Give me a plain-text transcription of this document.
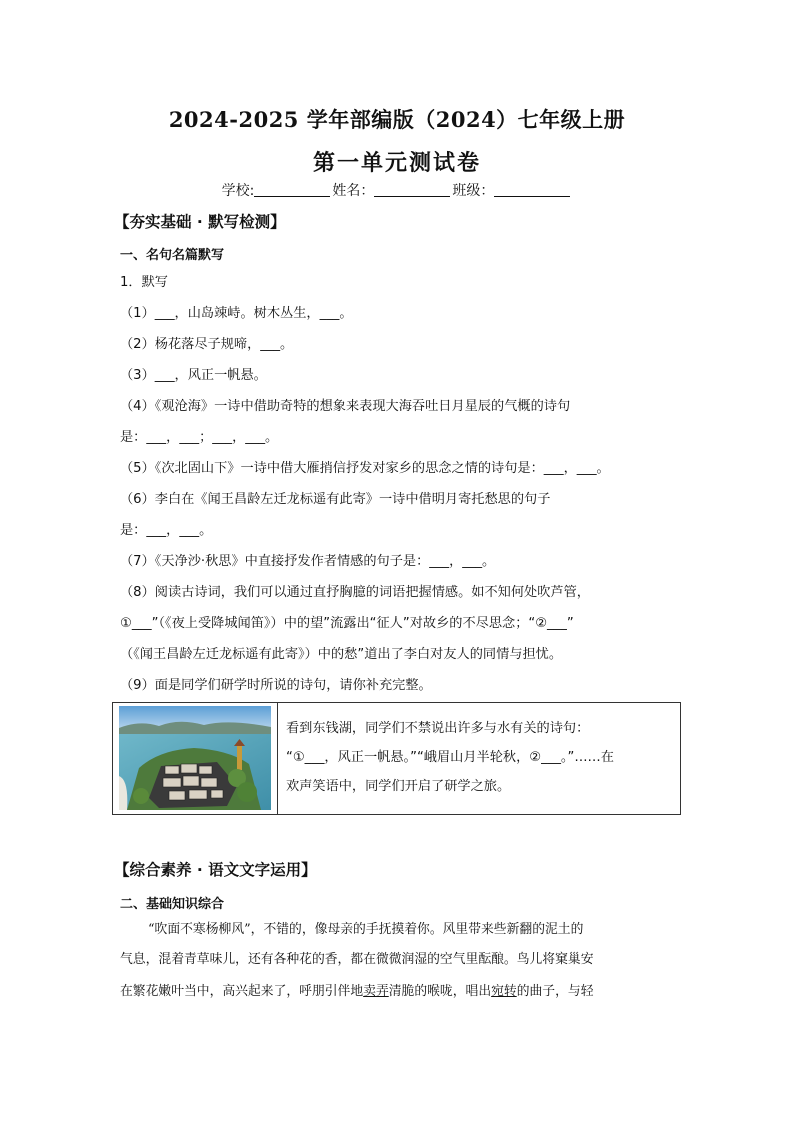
2024-2025 学年部编版（2024）七年级上册
第一单元测试卷
学校:	姓名：	班级：
【夯实基础 · 默写检测】
一、名句名篇默写
1．默写
（1）___，山岛竦峙。树木丛生，___。
（2）杨花落尽子规啼，___。
（3）___，风正一帆悬。
（4）《观沧海》一诗中借助奇特的想象来表现大海吞吐日月星辰的气概的诗句
是：___，___；___，___。
（5）《次北固山下》一诗中借大雁捎信抒发对家乡的思念之情的诗句是：___，___。
（6）李白在《闻王昌龄左迁龙标遥有此寄》一诗中借明月寄托愁思的句子
是：___，___。
（7）《天净沙·秋思》中直接抒发作者情感的句子是：___，___。
（8）阅读古诗词，我们可以通过直抒胸臆的词语把握情感。如不知何处吹芦管，
①___”（《夜上受降城闻笛》）中的望”流露出“征人”对故乡的不尽思念；“②___”
（《闻王昌龄左迁龙标遥有此寄》）中的愁”道出了李白对友人的同情与担忧。
（9）面是同学们研学时所说的诗句，请你补充完整。
看到东钱湖，同学们不禁说出许多与水有关的诗句：
“①___，风正一帆悬。”“峨眉山月半轮秋，②___。”……在
欢声笑语中，同学们开启了研学之旅。
【综合素养 · 语文文字运用】
二、基础知识综合
“吹面不寒杨柳风”，不错的，像母亲的手抚摸着你。风里带来些新翻的泥土的
气息，混着青草味儿，还有各种花的香，都在微微润湿的空气里酝酿。鸟儿将窠巢安
在繁花嫩叶当中，高兴起来了，呼朋引伴地卖弄清脆的喉咙，唱出宛转的曲子，与轻
